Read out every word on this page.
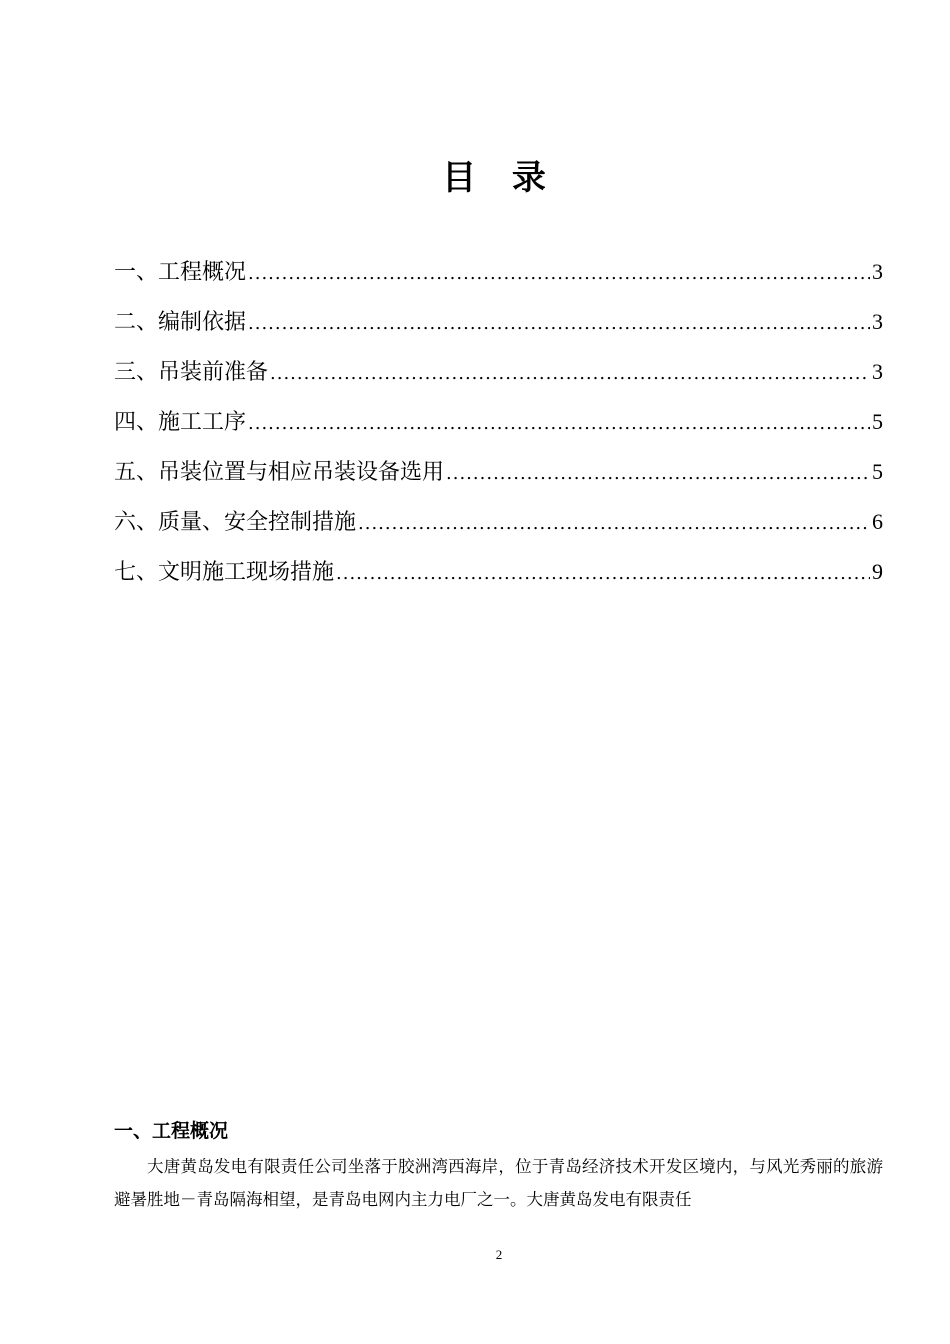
目 录
一、工程概况 .....	3
二、编制依据 .....	3
三、吊装前准备 .....	3
四、施工工序 .....	5
五、吊装位置与相应吊装设备选用 .....	5
六、质量、安全控制措施 .....	6
七、文明施工现场措施 .....	9
一、工程概况

大唐黄岛发电有限责任公司坐落于胶洲湾西海岸，位于青岛经济技术开发区境内，与风光秀丽的旅游避暑胜地－青岛隔海相望，是青岛电网内主力电厂之一。大唐黄岛发电有限责任

2
